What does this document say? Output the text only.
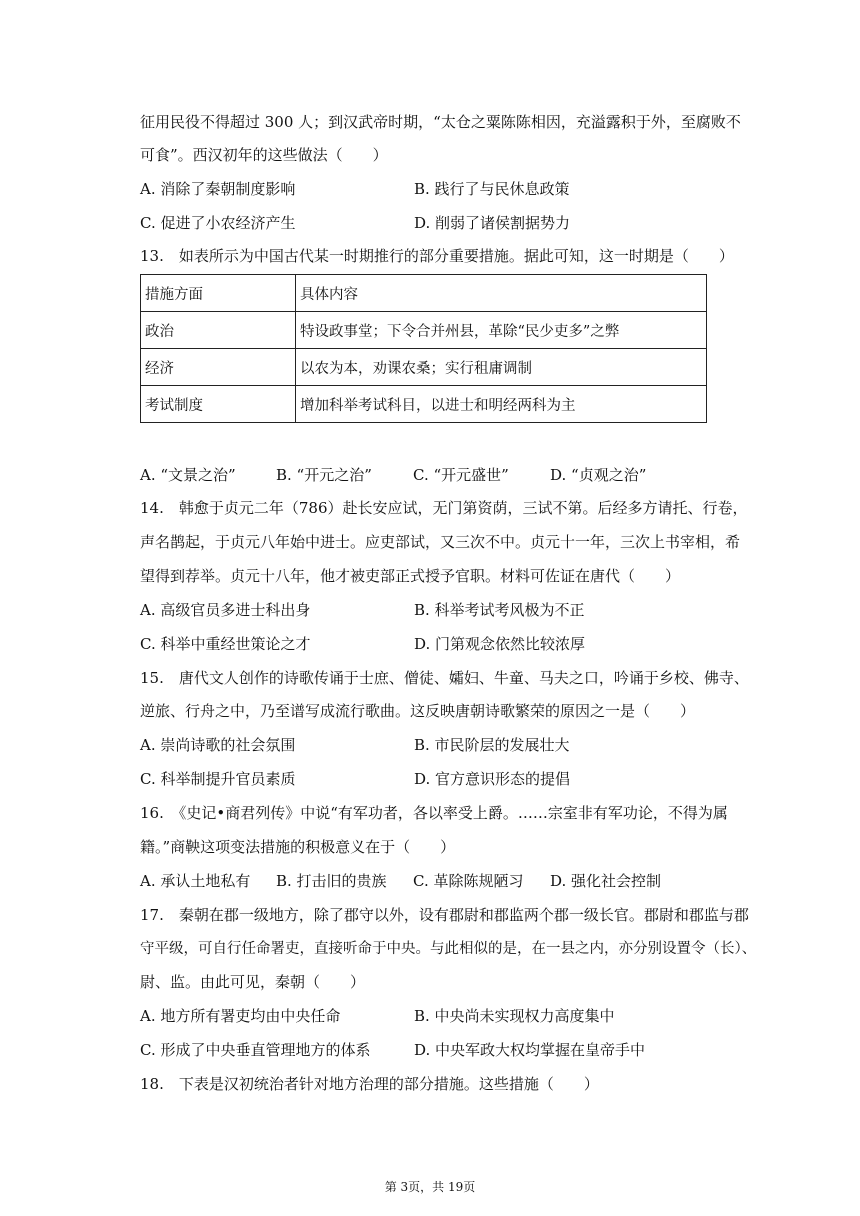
征用民役不得超过 300 人；到汉武帝时期，“太仓之粟陈陈相因，充溢露积于外，至腐败不
可食”。西汉初年的这些做法（　　）
A. 消除了秦朝制度影响	B. 践行了与民休息政策
C. 促进了小农经济产生	D. 削弱了诸侯割据势力
13.　如表所示为中国古代某一时期推行的部分重要措施。据此可知，这一时期是（　　）
措施方面	具体内容
政治	特设政事堂；下令合并州县，革除“民少吏多”之弊
经济	以农为本，劝课农桑；实行租庸调制
考试制度	增加科举考试科目，以进士和明经两科为主
A. “文景之治”	B. “开元之治”	C. “开元盛世”	D. “贞观之治”
14.　韩愈于贞元二年（786）赴长安应试，无门第资荫，三试不第。后经多方请托、行卷，
声名鹊起，于贞元八年始中进士。应吏部试，又三次不中。贞元十一年，三次上书宰相，希
望得到荐举。贞元十八年，他才被吏部正式授予官职。材料可佐证在唐代（　　）
A. 高级官员多进士科出身	B. 科举考试考风极为不正
C. 科举中重经世策论之才	D. 门第观念依然比较浓厚
15.　唐代文人创作的诗歌传诵于士庶、僧徒、孀妇、牛童、马夫之口，吟诵于乡校、佛寺、
逆旅、行舟之中，乃至谱写成流行歌曲。这反映唐朝诗歌繁荣的原因之一是（　　）
A. 崇尚诗歌的社会氛围	B. 市民阶层的发展壮大
C. 科举制提升官员素质	D. 官方意识形态的提倡
16.　《史记•商君列传》中说“有军功者，各以率受上爵。……宗室非有军功论，不得为属
籍。”商鞅这项变法措施的积极意义在于（　　）
A. 承认土地私有 B. 打击旧的贵族 C. 革除陈规陋习 D. 强化社会控制
17.　秦朝在郡一级地方，除了郡守以外，设有郡尉和郡监两个郡一级长官。郡尉和郡监与郡
守平级，可自行任命署吏，直接听命于中央。与此相似的是，在一县之内，亦分别设置令（长）、
尉、监。由此可见，秦朝（　　）
A. 地方所有署吏均由中央任命	B. 中央尚未实现权力高度集中
C. 形成了中央垂直管理地方的体系	D. 中央军政大权均掌握在皇帝手中
18.　下表是汉初统治者针对地方治理的部分措施。这些措施（　　）
第 3页，共 19页
